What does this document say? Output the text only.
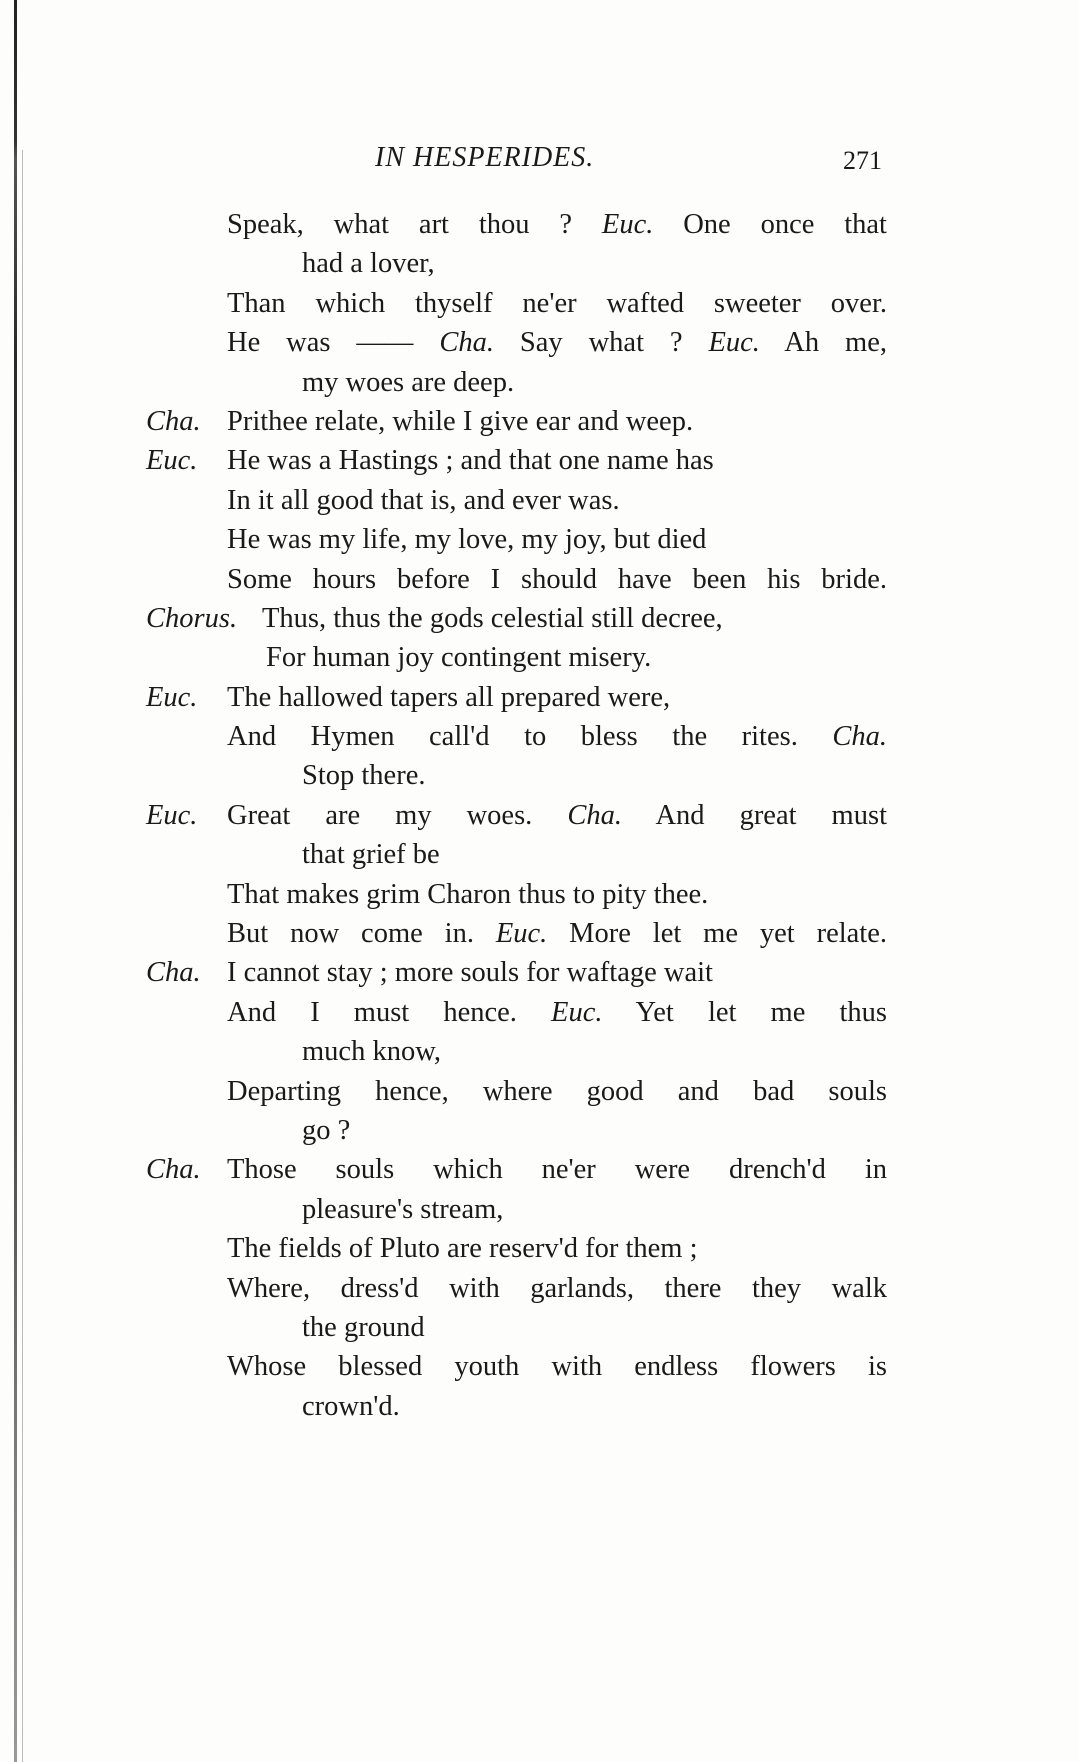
IN HESPERIDES.	271
Speak, what art thou ? Euc. One once that
had a lover,
Than which thyself ne'er wafted sweeter over.
He was —— Cha. Say what ? Euc. Ah me,
my woes are deep.
Cha. Prithee relate, while I give ear and weep.
Euc. He was a Hastings ; and that one name has
In it all good that is, and ever was.
He was my life, my love, my joy, but died
Some hours before I should have been his bride.
Chorus. Thus, thus the gods celestial still decree,
For human joy contingent misery.
Euc. The hallowed tapers all prepared were,
And Hymen call'd to bless the rites. Cha.
Stop there.
Euc. Great are my woes. Cha. And great must
that grief be
That makes grim Charon thus to pity thee.
But now come in. Euc. More let me yet relate.
Cha. I cannot stay ; more souls for waftage wait
And I must hence. Euc. Yet let me thus
much know,
Departing hence, where good and bad souls
go ?
Cha. Those souls which ne'er were drench'd in
pleasure's stream,
The fields of Pluto are reserv'd for them ;
Where, dress'd with garlands, there they walk
the ground
Whose blessed youth with endless flowers is
crown'd.
